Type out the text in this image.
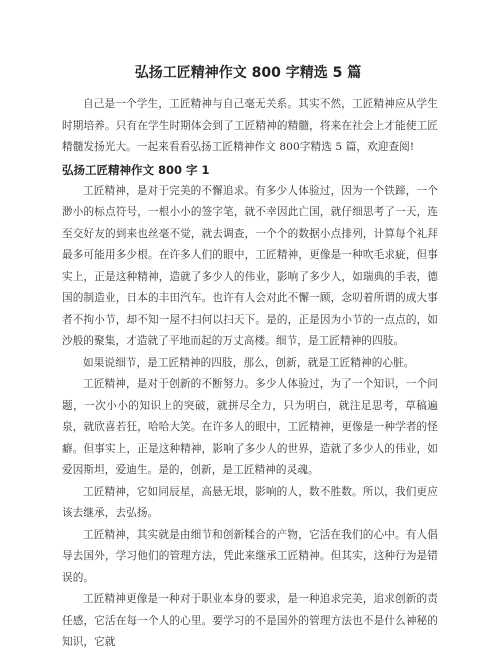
弘扬工匠精神作文 800 字精选 5 篇

自己是一个学生，工匠精神与自己毫无关系。其实不然，工匠精神应从学生时期培养。只有在学生时期体会到了工匠精神的精髓，将来在社会上才能使工匠精髓发扬光大。一起来看看弘扬工匠精神作文 800字精选 5 篇，欢迎查阅!

弘扬工匠精神作文 800 字 1

工匠精神，是对于完美的不懈追求。有多少人体验过，因为一个铁蹄，一个渺小的标点符号，一根小小的签字笔，就不幸因此亡国，就仔细思考了一天，连至交好友的到来也丝毫不觉，就去调查，一个个的数据小点排列，计算每个礼拜最多可能用多少根。在许多人们的眼中，工匠精神，更像是一种吹毛求疵，但事实上，正是这种精神，造就了多少人的伟业，影响了多少人，如瑞典的手表，德国的制造业，日本的丰田汽车。也许有人会对此不懈一顾，念叨着所谓的成大事者不拘小节，却不知一屋不扫何以扫天下。是的，正是因为小节的一点点的，如沙般的聚集，才造就了平地而起的万丈高楼。细节，是工匠精神的四肢。

如果说细节，是工匠精神的四肢，那么，创新，就是工匠精神的心脏。

工匠精神，是对于创新的不断努力。多少人体验过，为了一个知识，一个问题，一次小小的知识上的突破，就拼尽全力，只为明白，就注足思考，草稿遍泉，就欣喜若狂，哈哈大笑。在许多人的眼中，工匠精神，更像是一种学者的怪癖。但事实上，正是这种精神，影响了多少人的世界，造就了多少人的伟业，如爱因斯坦，爱迪生。是的，创新，是工匠精神的灵魂。

工匠精神，它如同辰星，高悬无垠，影响的人，数不胜数。所以，我们更应该去继承，去弘扬。

工匠精神，其实就是由细节和创新糅合的产物，它活在我们的心中。有人倡导去国外，学习他们的管理方法，凭此来继承工匠精神。但其实，这种行为是错误的。

工匠精神更像是一种对于职业本身的要求，是一种追求完美，追求创新的责任感，它活在每一个人的心里。要学习的不是国外的管理方法也不是什么神秘的知识，它就
